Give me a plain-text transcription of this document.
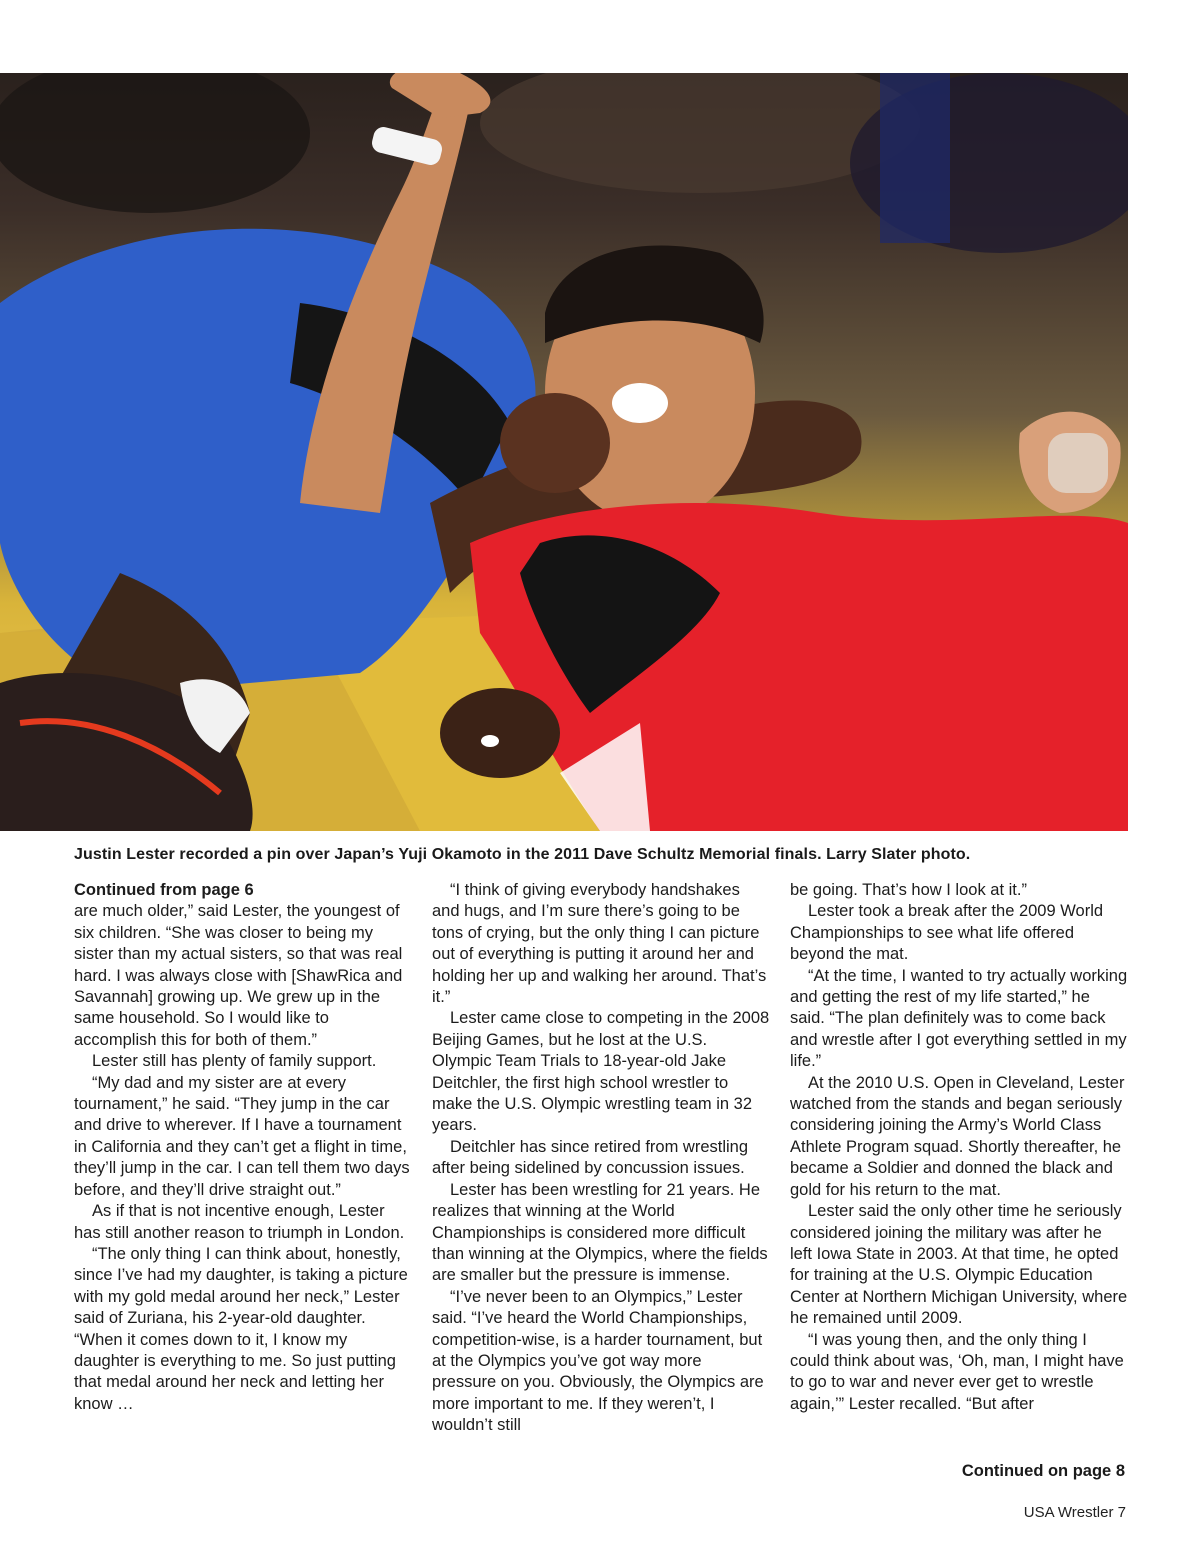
Justin Lester recorded a pin over Japan’s Yuji Okamoto in the 2011 Dave Schultz Memorial finals. Larry Slater photo.

Continued from page 6

are much older,” said Lester, the youngest of six children. “She was closer to being my sister than my actual sisters, so that was real hard. I was always close with [ShawRica and Savannah] growing up. We grew up in the same household. So I would like to accomplish this for both of them.”

Lester still has plenty of family support.

“My dad and my sister are at every tournament,” he said. “They jump in the car and drive to wherever. If I have a tournament in California and they can’t get a flight in time, they’ll jump in the car. I can tell them two days before, and they’ll drive straight out.”

As if that is not incentive enough, Lester has still another reason to triumph in London.

“The only thing I can think about, honestly, since I’ve had my daughter, is taking a picture with my gold medal around her neck,” Lester said of Zuriana, his 2-year-old daughter. “When it comes down to it, I know my daughter is everything to me. So just putting that medal around her neck and letting her know …

“I think of giving everybody handshakes and hugs, and I’m sure there’s going to be tons of crying, but the only thing I can picture out of everything is putting it around her and holding her up and walking her around. That’s it.”

Lester came close to competing in the 2008 Beijing Games, but he lost at the U.S. Olympic Team Trials to 18-year-old Jake Deitchler, the first high school wrestler to make the U.S. Olympic wrestling team in 32 years.

Deitchler has since retired from wrestling after being sidelined by concussion issues.

Lester has been wrestling for 21 years. He realizes that winning at the World Championships is considered more difficult than winning at the Olympics, where the fields are smaller but the pressure is immense.

“I’ve never been to an Olympics,” Lester said. “I’ve heard the World Championships, competition-wise, is a harder tournament, but at the Olympics you’ve got way more pressure on you. Obviously, the Olympics are more important to me. If they weren’t, I wouldn’t still

be going. That’s how I look at it.”

Lester took a break after the 2009 World Championships to see what life offered beyond the mat.

“At the time, I wanted to try actually working and getting the rest of my life started,” he said. “The plan definitely was to come back and wrestle after I got everything settled in my life.”

At the 2010 U.S. Open in Cleveland, Lester watched from the stands and began seriously considering joining the Army’s World Class Athlete Program squad. Shortly thereafter, he became a Soldier and donned the black and gold for his return to the mat.

Lester said the only other time he seriously considered joining the military was after he left Iowa State in 2003. At that time, he opted for training at the U.S. Olympic Education Center at Northern Michigan University, where he remained until 2009.

“I was young then, and the only thing I could think about was, ‘Oh, man, I might have to go to war and never ever get to wrestle again,’” Lester recalled. “But after

Continued on page 8
USA Wrestler 7
